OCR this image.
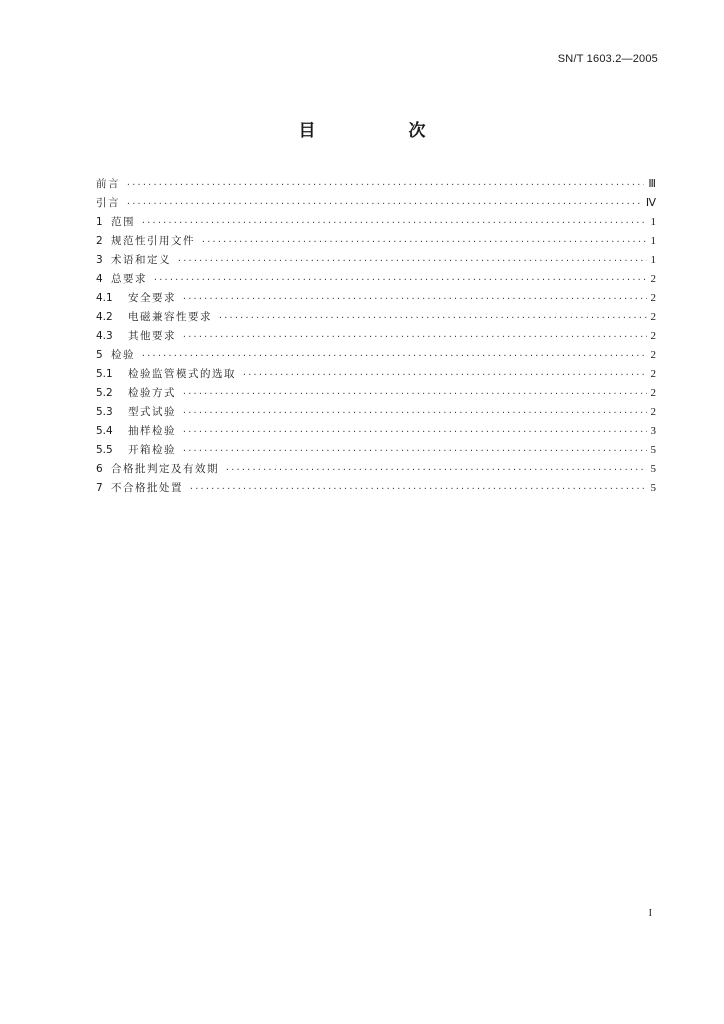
SN/T 1603.2—2005
目　次
前言 ·····	Ⅲ
引言 ·····	Ⅳ
1 范围 ·····	1
2 规范性引用文件 ·····	1
3 术语和定义 ·····	1
4 总要求 ·····	2
4.1	安全要求 ·····	2
4.2	电磁兼容性要求 ·····	2
4.3	其他要求 ·····	2
5 检验 ·····	2
5.1	检验监管模式的选取 ·····	2
5.2	检验方式 ·····	2
5.3	型式试验 ·····	2
5.4	抽样检验 ·····	3
5.5	开箱检验 ·····	5
6 合格批判定及有效期 ·····	5
7 不合格批处置 ·····	5
I
